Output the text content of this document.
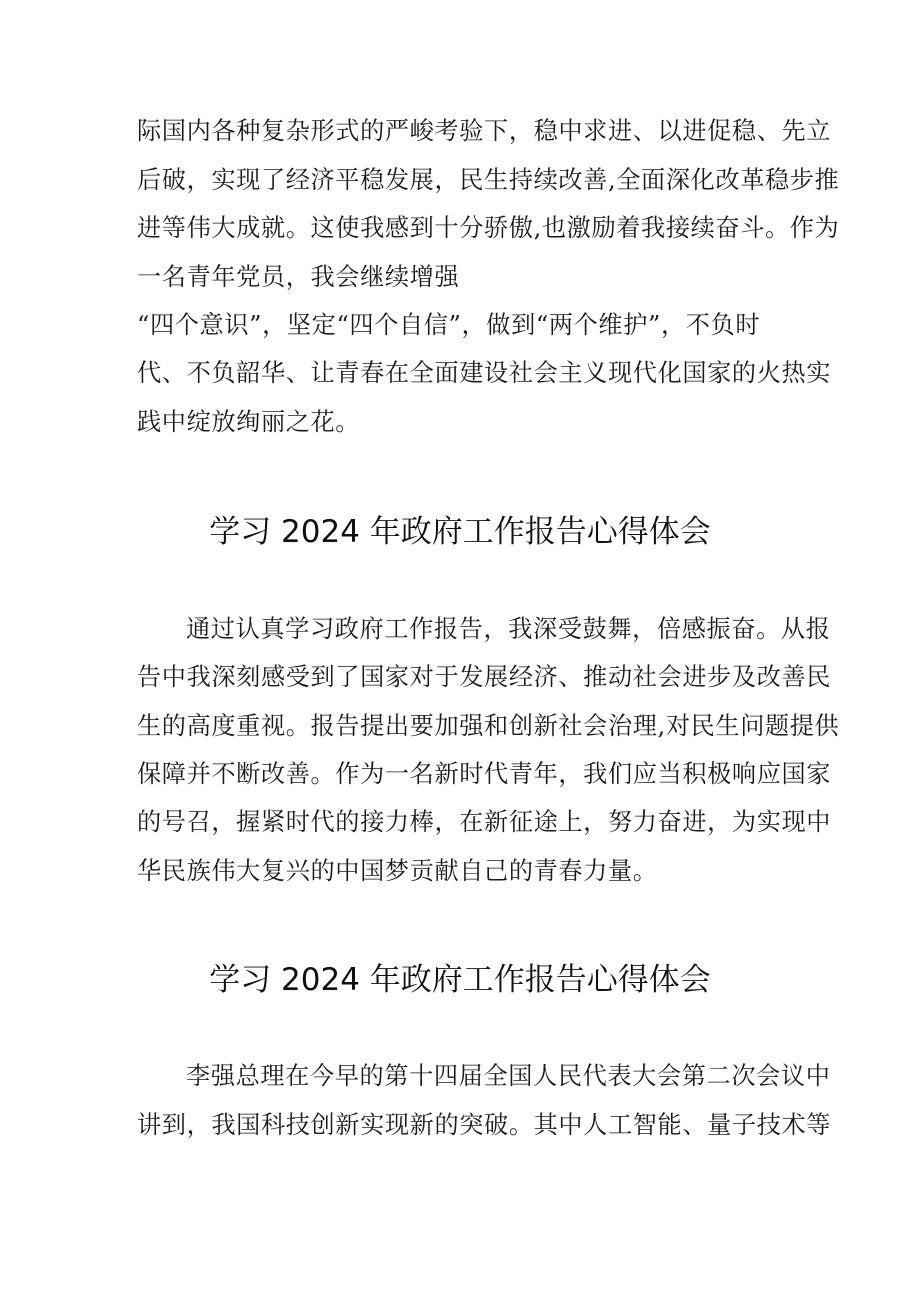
际国内各种复杂形式的严峻考验下，稳中求进、以进促稳、先立
后破，实现了经济平稳发展，民生持续改善,全面深化改革稳步推
进等伟大成就。这使我感到十分骄傲,也激励着我接续奋斗。作为
一名青年党员，我会继续增强
“四个意识”，坚定“四个自信”，做到“两个维护”，不负时
代、不负韶华、让青春在全面建设社会主义现代化国家的火热实
践中绽放绚丽之花。
学习 2024 年政府工作报告心得体会
通过认真学习政府工作报告，我深受鼓舞，倍感振奋。从报
告中我深刻感受到了国家对于发展经济、推动社会进步及改善民
生的高度重视。报告提出要加强和创新社会治理,对民生问题提供
保障并不断改善。作为一名新时代青年，我们应当积极响应国家
的号召，握紧时代的接力棒，在新征途上，努力奋进，为实现中
华民族伟大复兴的中国梦贡献自己的青春力量。
学习 2024 年政府工作报告心得体会
李强总理在今早的第十四届全国人民代表大会第二次会议中
讲到，我国科技创新实现新的突破。其中人工智能、量子技术等
